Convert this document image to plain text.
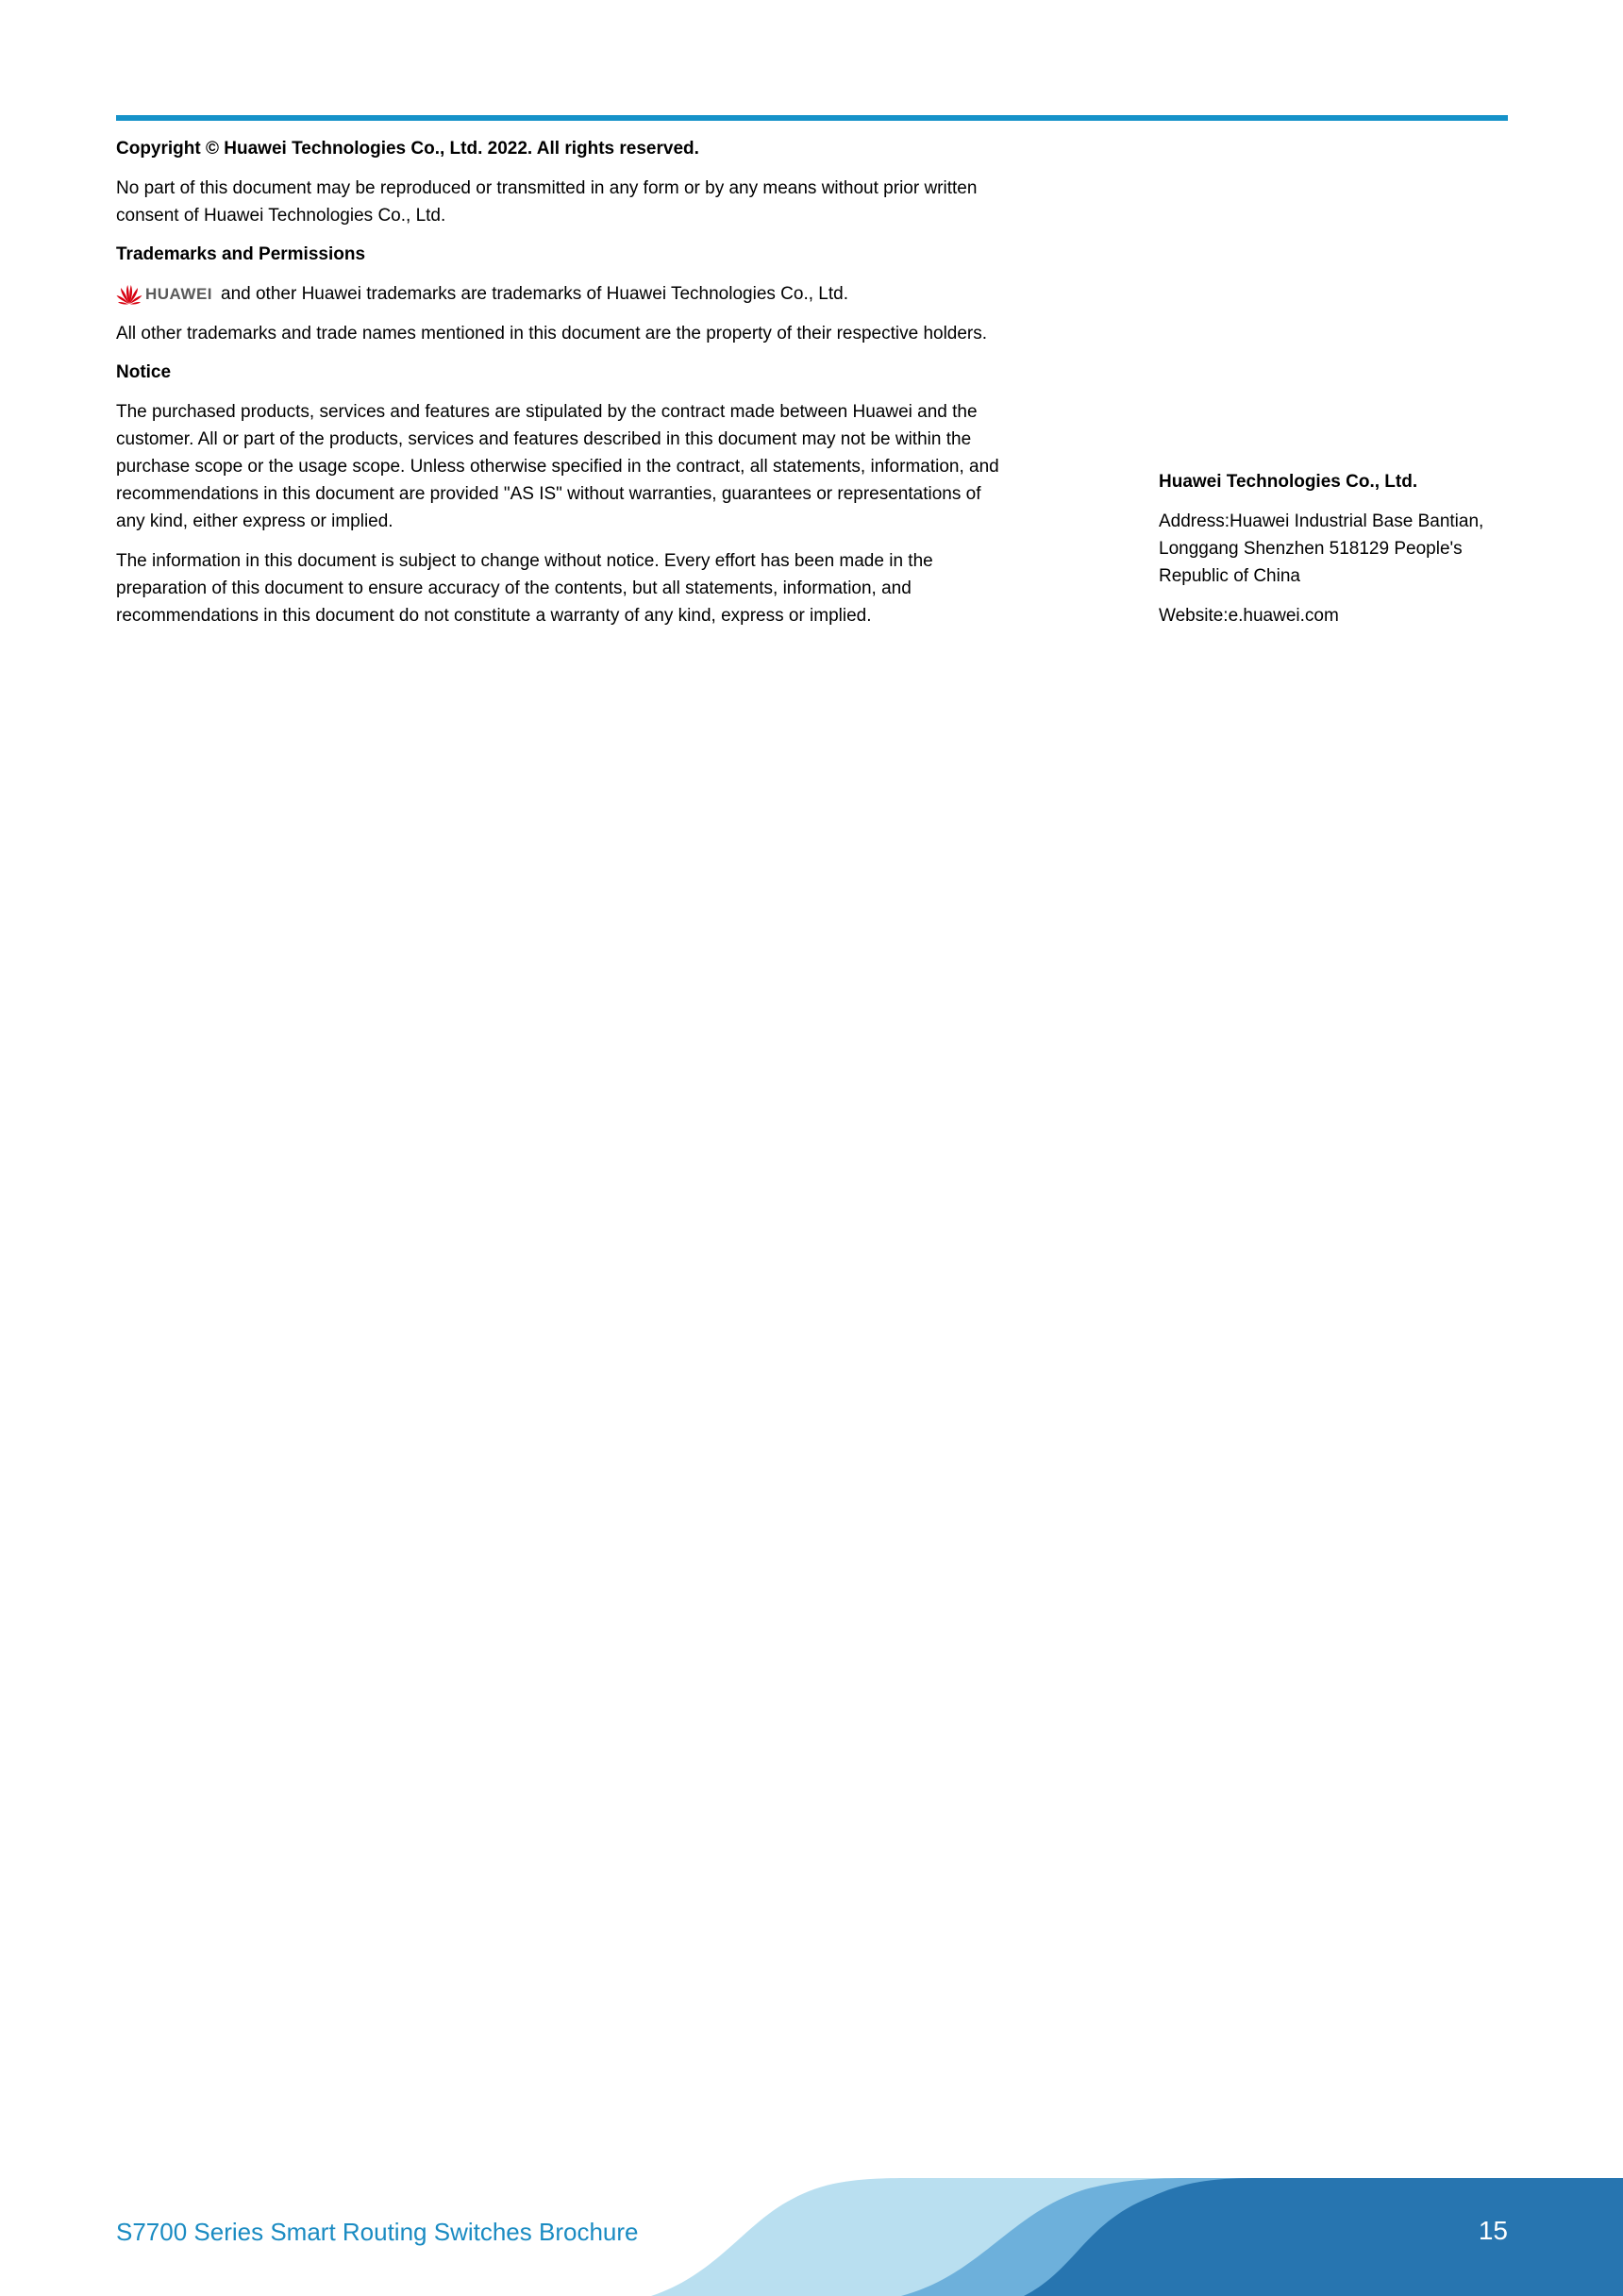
Copyright © Huawei Technologies Co., Ltd. 2022. All rights reserved.

No part of this document may be reproduced or transmitted in any form or by any means without prior written

consent of Huawei Technologies Co., Ltd.

Trademarks and Permissions
HUAWEI and other Huawei trademarks are trademarks of Huawei Technologies Co., Ltd.

All other trademarks and trade names mentioned in this document are the property of their respective holders.

Notice

The purchased products, services and features are stipulated by the contract made between Huawei and the

customer. All or part of the products, services and features described in this document may not be within the

purchase scope or the usage scope. Unless otherwise specified in the contract, all statements, information, and

recommendations in this document are provided "AS IS" without warranties, guarantees or representations of

any kind, either express or implied.

The information in this document is subject to change without notice. Every effort has been made in the

preparation of this document to ensure accuracy of the contents, but all statements, information, and

recommendations in this document do not constitute a warranty of any kind, express or implied.

Huawei Technologies Co., Ltd.

Address:Huawei Industrial Base Bantian,

Longgang Shenzhen 518129 People's

Republic of China

Website:e.huawei.com

S7700 Series Smart Routing Switches Brochure	15
